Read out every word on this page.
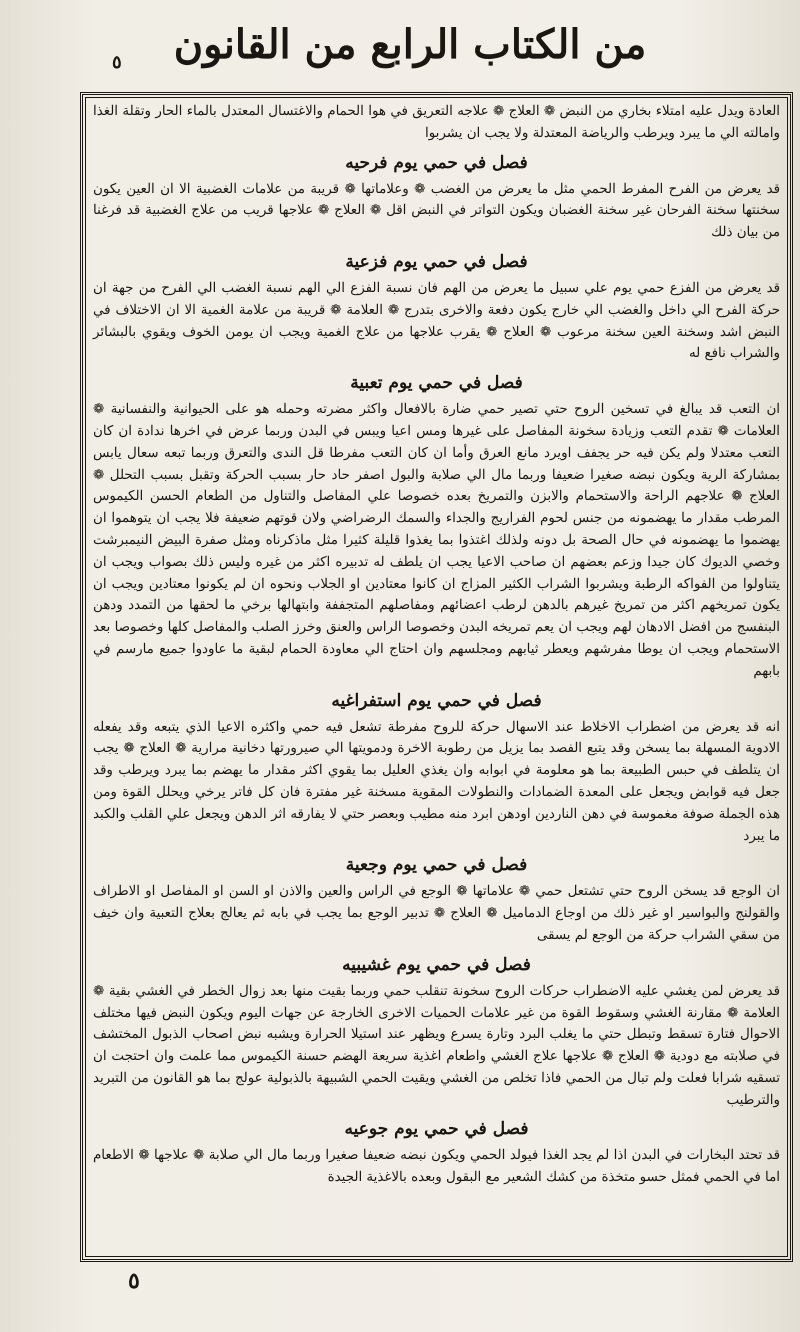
من الكتاب الرابع من القانون
٥

العادة ويدل عليه امتلاء بخاري من النبض ❁ العلاج ❁ علاجه التعريق في هوا الحمام والاغتسال المعتدل بالماء الحار وتقلة الغذا وامالته الي ما يبرد ويرطب والرياضة المعتدلة ولا يجب ان يشربوا

فصل في حمي يوم فرحيه

قد يعرض من الفرح المفرط الحمي مثل ما يعرض من الغضب ❁ وعلاماتها ❁ قريبة من علامات الغضبية الا ان العين يكون سخنتها سخنة الفرحان غير سخنة الغضبان ويكون التواتر في النبض اقل ❁ العلاج ❁ علاجها قريب من علاج الغضبية قد فرغنا من بيان ذلك

فصل في حمي يوم فزعية

قد يعرض من الفزع حمي يوم علي سبيل ما يعرض من الهم فان نسبة الفزع الي الهم نسبة الغضب الي الفرح من جهة ان حركة الفرح الي داخل والغضب الي خارج يكون دفعة والاخرى بتدرج ❁ العلامة ❁ قريبة من علامة الغمية الا ان الاختلاف في النبض اشد وسخنة العين سخنة مرعوب ❁ العلاج ❁ يقرب علاجها من علاج الغمية ويجب ان يومن الخوف ويقوي بالبشائر والشراب نافع له

فصل في حمي يوم تعبية

ان التعب قد يبالغ في تسخين الروح حتي تصير حمي ضارة بالافعال واكثر مضرته وحمله هو على الحيوانية والنفسانية ❁ العلامات ❁ تقدم التعب وزيادة سخونة المفاصل على غيرها ومس اعيا ويبس في البدن وربما عرض في اخرها ندادة ان كان التعب معتدلا ولم يكن فيه حر يجفف اويرد مانع العرق وأما ان كان التعب مفرطا قل الندى والتعرق وربما تبعه سعال يابس بمشاركة الرية ويكون نبضه صغيرا ضعيفا وربما مال الي صلابة والبول اصفر حاد حار بسبب الحركة وتقبل بسبب التحلل ❁ العلاج ❁ علاجهم الراحة والاستحمام والابزن والتمريخ بعده خصوصا علي المفاصل والتناول من الطعام الحسن الكيموس المرطب مقدار ما يهضمونه من جنس لحوم الفراريج والجداء والسمك الرضراضي ولان قوتهم ضعيفة فلا يجب ان يتوهموا ان يهضموا ما يهضمونه في حال الصحة بل دونه ولذلك اغتذوا بما يغذوا قليلة كثيرا مثل ماذكرناه ومثل صفرة البيض النيمبرشت وخصي الديوك كان جيدا وزعم بعضهم ان صاحب الاعيا يجب ان يلطف له تدبيره اكثر من غيره وليس ذلك بصواب ويجب ان يتناولوا من الفواكه الرطبة ويشربوا الشراب الكثير المزاج ان كانوا معتادين او الجلاب ونحوه ان لم يكونوا معتادين ويجب ان يكون تمريخهم اكثر من تمريخ غيرهم بالدهن لرطب اعضائهم ومفاصلهم المتجففة وابتهالها برخي ما لحقها من التمدد ودهن البنفسج من افضل الادهان لهم ويجب ان يعم تمريخه البدن وخصوصا الراس والعنق وخرز الصلب والمفاصل كلها وخصوصا بعد الاستحمام ويجب ان يوطا مفرشهم ويعطر ثيابهم ومجلسهم وان احتاج الي معاودة الحمام لبقية ما عاودوا جميع مارسم في بابهم

فصل في حمي يوم استفراغيه

انه قد يعرض من اضطراب الاخلاط عند الاسهال حركة للروح مفرطة تشعل فيه حمي واكثره الاعيا الذي يتبعه وقد يفعله الادوية المسهلة بما يسخن وقد يتبع الفصد بما يزيل من رطوبة الاخرة ودمويتها الي صيرورتها دخانية مرارية ❁ العلاج ❁ يجب ان يتلطف في حبس الطبيعة بما هو معلومة في ابوابه وان يغذي العليل بما يقوي اكثر مقدار ما يهضم بما يبرد ويرطب وقد جعل فيه قوابض ويجعل على المعدة الضمادات والنطولات المقوية مسخنة غير مفترة فان كل فاتر يرخي ويحلل القوة ومن هذه الجملة صوفة مغموسة في دهن الناردين اودهن ابرد منه مطيب وبعصر حتي لا يفارقه اثر الدهن ويجعل علي القلب والكبد ما يبرد

فصل في حمي يوم وجعية

ان الوجع قد يسخن الروح حتي تشتعل حمي ❁ علاماتها ❁ الوجع في الراس والعين والاذن او السن او المفاصل او الاطراف والقولنج والبواسير او غير ذلك من اوجاع الدماميل ❁ العلاج ❁ تدبير الوجع بما يجب في بابه ثم يعالج بعلاج التعبية وان خيف من سقي الشراب حركة من الوجع لم يسقى

فصل في حمي يوم غشيبيه

قد يعرض لمن يغشي عليه الاضطراب حركات الروح سخونة تنقلب حمي وربما بقيت منها بعد زوال الخطر في الغشي بقية ❁ العلامة ❁ مقارنة الغشي وسقوط القوة من غير علامات الحميات الاخرى الخارجة عن جهات اليوم ويكون النبض فيها مختلف الاحوال فتارة تسقط وتبطل حتي ما يغلب البرد وتارة يسرع ويظهر عند استيلا الحرارة ويشبه نبض اصحاب الذبول المختشف في صلابته مع دودية ❁ العلاج ❁ علاجها علاج الغشي واطعام اغذية سريعة الهضم حسنة الكيموس مما علمت وان احتجت ان تسقيه شرابا فعلت ولم تبال من الحمي فاذا تخلص من الغشي ويقيت الحمي الشبيهة بالذبولية عولج بما هو القانون من التبريد والترطيب

فصل في حمي يوم جوعيه

قد تحتد البخارات في البدن اذا لم يجد الغذا فيولد الحمي ويكون نبضه ضعيفا صغيرا وربما مال الي صلابة ❁ علاجها ❁ الاطعام اما في الحمي فمثل حسو متخذة من كشك الشعير مع البقول وبعده بالاغذية الجيدة

٥
